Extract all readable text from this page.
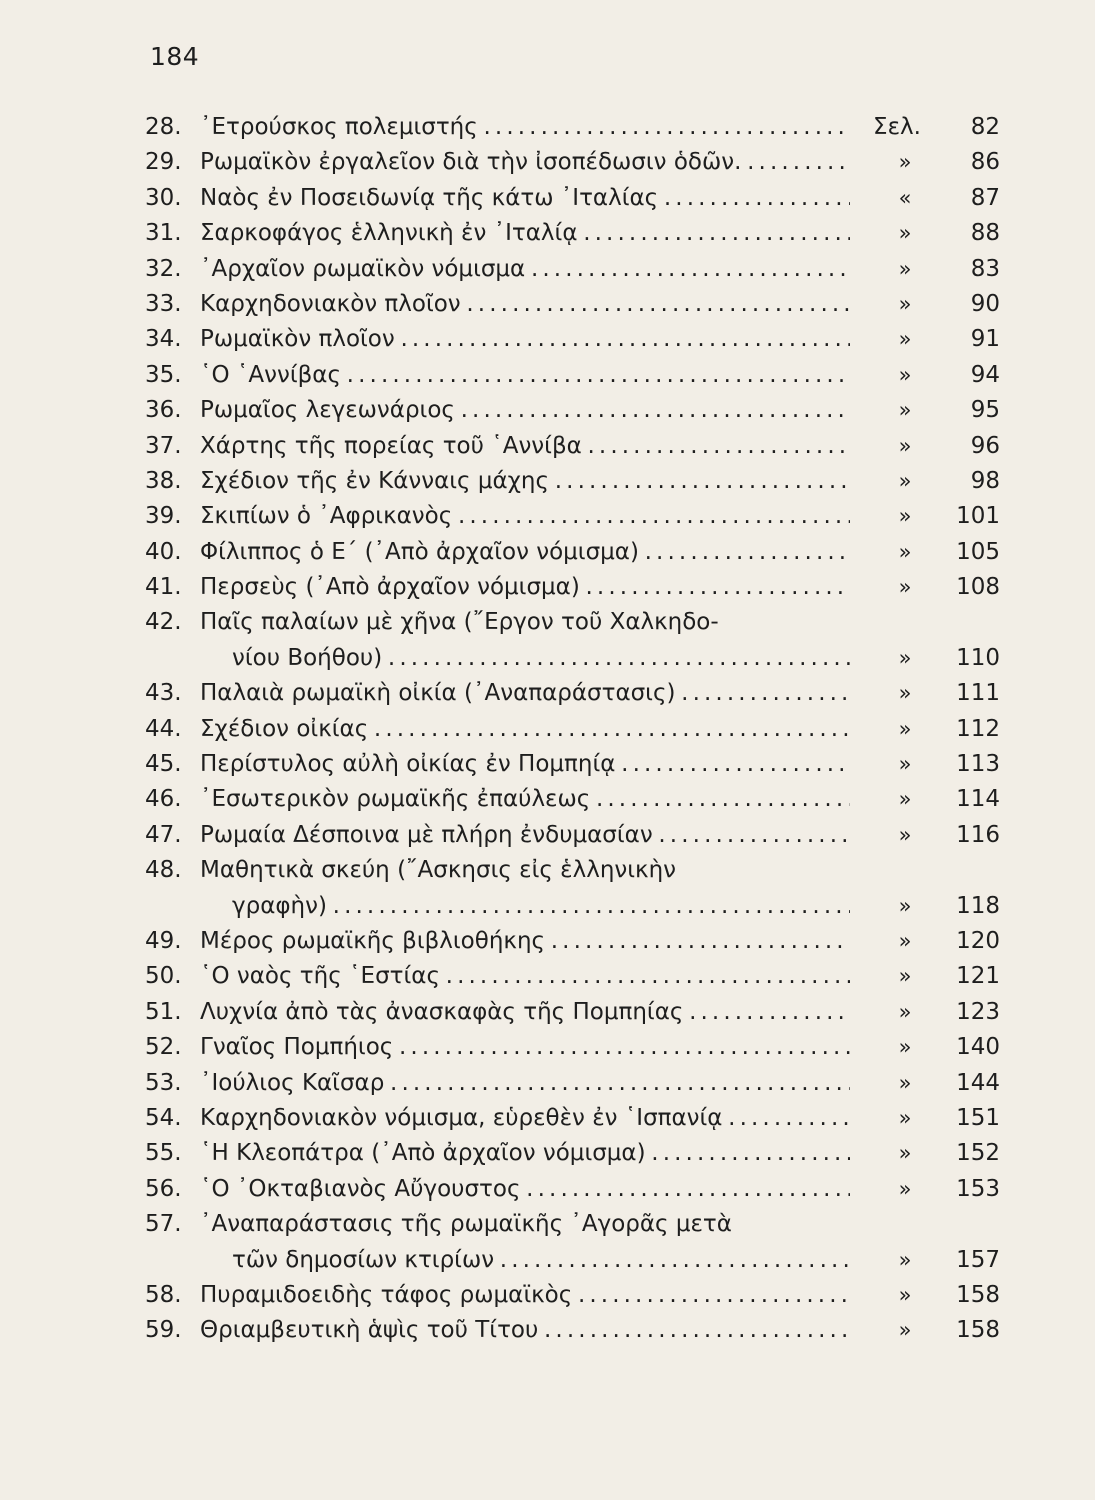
184
28. ᾿Ετρούσκος πολεμιστής . . .	Σελ.	82
29. Ρωμαϊκὸν ἐργαλεῖον διὰ τὴν ἰσοπέδωσιν ὁδῶν. . . .	»	86
30. Ναὸς ἐν Ποσειδωνίᾳ τῆς κάτω ᾿Ιταλίας . . .	«	87
31. Σαρκοφάγος ἑλληνικὴ ἐν ᾿Ιταλίᾳ . . .	»	88
32. ᾿Αρχαῖον ρωμαϊκὸν νόμισμα . . .	»	83
33. Καρχηδονιακὸν πλοῖον . . .	»	90
34. Ρωμαϊκὸν πλοῖον . . .	»	91
35. ῾Ο ῾Αννίβας . . .	»	94
36. Ρωμαῖος λεγεωνάριος . . .	»	95
37. Χάρτης τῆς πορείας τοῦ ῾Αννίβα . . .	»	96
38. Σχέδιον τῆς ἐν Κάνναις μάχης . . .	»	98
39. Σκιπίων ὁ ᾿Αφρικανὸς . . .	»	101
40. Φίλιππος ὁ Ε΄ (᾿Απὸ ἀρχαῖον νόμισμα) . . .	»	105
41. Περσεὺς (᾿Απὸ ἀρχαῖον νόμισμα) . . .	»	108
42. Παῖς παλαίων μὲ χῆνα (῎Εργον τοῦ Χαλκηδο-
νίου Βοήθου) . . .	»	110
43. Παλαιὰ ρωμαϊκὴ οἰκία (᾿Αναπαράστασις) . . .	»	111
44. Σχέδιον οἰκίας . . .	»	112
45. Περίστυλος αὐλὴ οἰκίας ἐν Πομπηίᾳ . . .	»	113
46. ᾿Εσωτερικὸν ρωμαϊκῆς ἐπαύλεως . . .	»	114
47. Ρωμαία Δέσποινα μὲ πλήρη ἐνδυμασίαν . . .	»	116
48. Μαθητικὰ σκεύη (῎Ασκησις εἰς ἑλληνικὴν
γραφὴν) . . .	»	118
49. Μέρος ρωμαϊκῆς βιβλιοθήκης . . .	»	120
50. ῾Ο ναὸς τῆς ῾Εστίας . . .	»	121
51. Λυχνία ἀπὸ τὰς ἀνασκαφὰς τῆς Πομπηίας . . .	»	123
52. Γναῖος Πομπήιος . . .	»	140
53. ᾿Ιούλιος Καῖσαρ . . .	»	144
54. Καρχηδονιακὸν νόμισμα, εὑρεθὲν ἐν ῾Ισπανίᾳ . . .	»	151
55. ῾Η Κλεοπάτρα (᾿Απὸ ἀρχαῖον νόμισμα) . . .	»	152
56. ῾Ο ᾿Οκταβιανὸς Αὔγουστος . . .	»	153
57. ᾿Αναπαράστασις τῆς ρωμαϊκῆς ᾿Αγορᾶς μετὰ
τῶν δημοσίων κτιρίων . . .	»	157
58. Πυραμιδοειδὴς τάφος ρωμαϊκὸς . . .	»	158
59. Θριαμβευτικὴ ἁψὶς τοῦ Τίτου . . .	»	158
